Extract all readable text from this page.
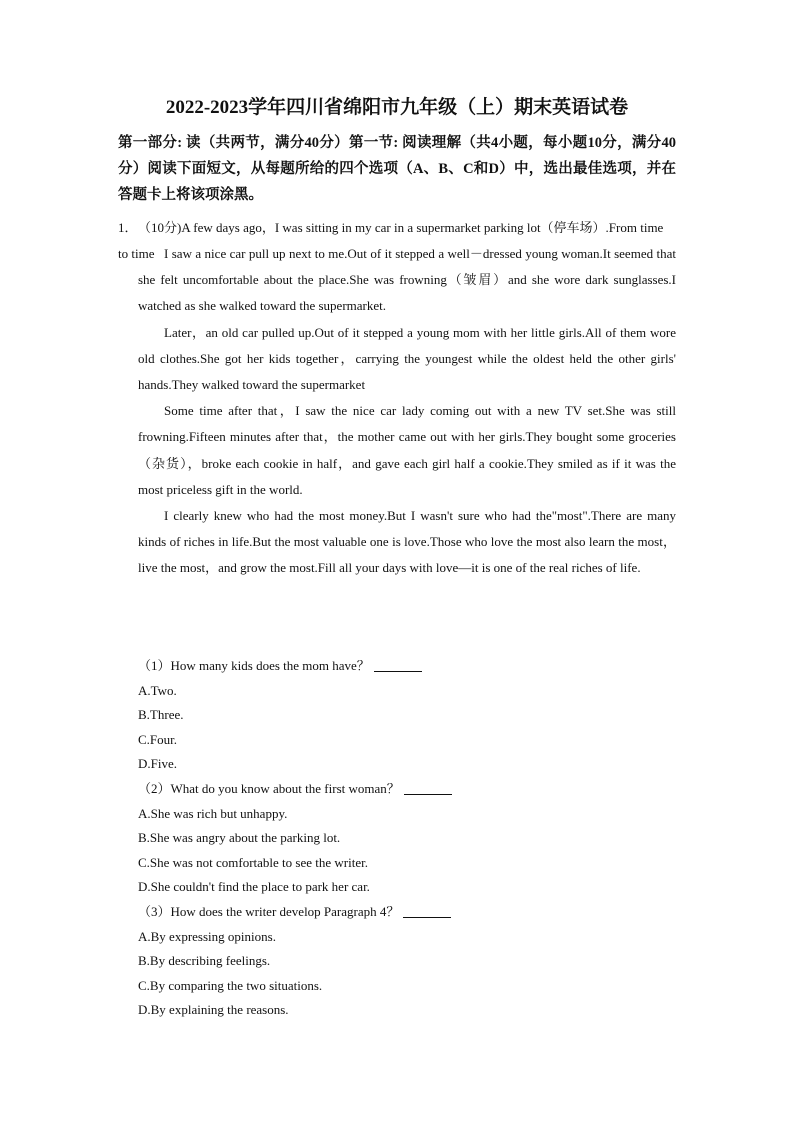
2022-2023学年四川省绵阳市九年级（上）期末英语试卷
第一部分: 读（共两节，满分40分）第一节: 阅读理解（共4小题，每小题10分，满分40分）阅读下面短文，从每题所给的四个选项（A、B、C和D）中，选出最佳选项，并在答题卡上将该项涂黑。
1．（10分)A few days ago，I was sitting in my car in a supermarket parking lot（停车场）.From time to time I saw a nice car pull up next to me.Out of it stepped a well－dressed young woman.It seemed that she felt uncomfortable about the place.She was frowning（皱眉）and she wore dark sunglasses.I watched as she walked toward the supermarket.

Later，an old car pulled up.Out of it stepped a young mom with her little girls.All of them wore old clothes.She got her kids together，carrying the youngest while the oldest held the other girls' hands.They walked toward the supermarket

Some time after that，I saw the nice car lady coming out with a new TV set.She was still frowning.Fifteen minutes after that，the mother came out with her girls.They bought some groceries（杂货），broke each cookie in half，and gave each girl half a cookie.They smiled as if it was the most priceless gift in the world.

I clearly knew who had the most money.But I wasn't sure who had the"most".There are many kinds of riches in life.But the most valuable one is love.Those who love the most also learn the most，live the most，and grow the most.Fill all your days with love—it is one of the real riches of life.

（1）How many kids does the mom have？
A.Two.
B.Three.
C.Four.
D.Five.
（2）What do you know about the first woman？
A.She was rich but unhappy.
B.She was angry about the parking lot.
C.She was not comfortable to see the writer.
D.She couldn't find the place to park her car.
（3）How does the writer develop Paragraph 4？
A.By expressing opinions.
B.By describing feelings.
C.By comparing the two situations.
D.By explaining the reasons.
